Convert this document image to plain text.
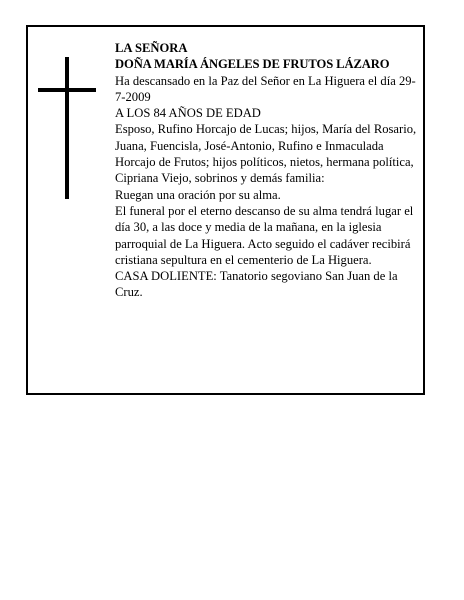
LA SEÑORA

DOÑA MARÍA ÁNGELES DE FRUTOS LÁZARO

Ha descansado en la Paz del Señor en La Higuera el día 29-7-2009

A LOS 84 AÑOS DE EDAD

Esposo, Rufino Horcajo de Lucas; hijos, María del Rosario, Juana, Fuencisla, José-Antonio, Rufino e Inmaculada Horcajo de Frutos; hijos políticos, nietos, hermana política, Cipriana Viejo, sobrinos y demás familia:

Ruegan una oración por su alma.

El funeral por el eterno descanso de su alma tendrá lugar el día 30, a las doce y media de la mañana, en la iglesia parroquial de La Higuera. Acto seguido el cadáver recibirá cristiana sepultura en el cementerio de La Higuera.

CASA DOLIENTE: Tanatorio segoviano San Juan de la Cruz.
